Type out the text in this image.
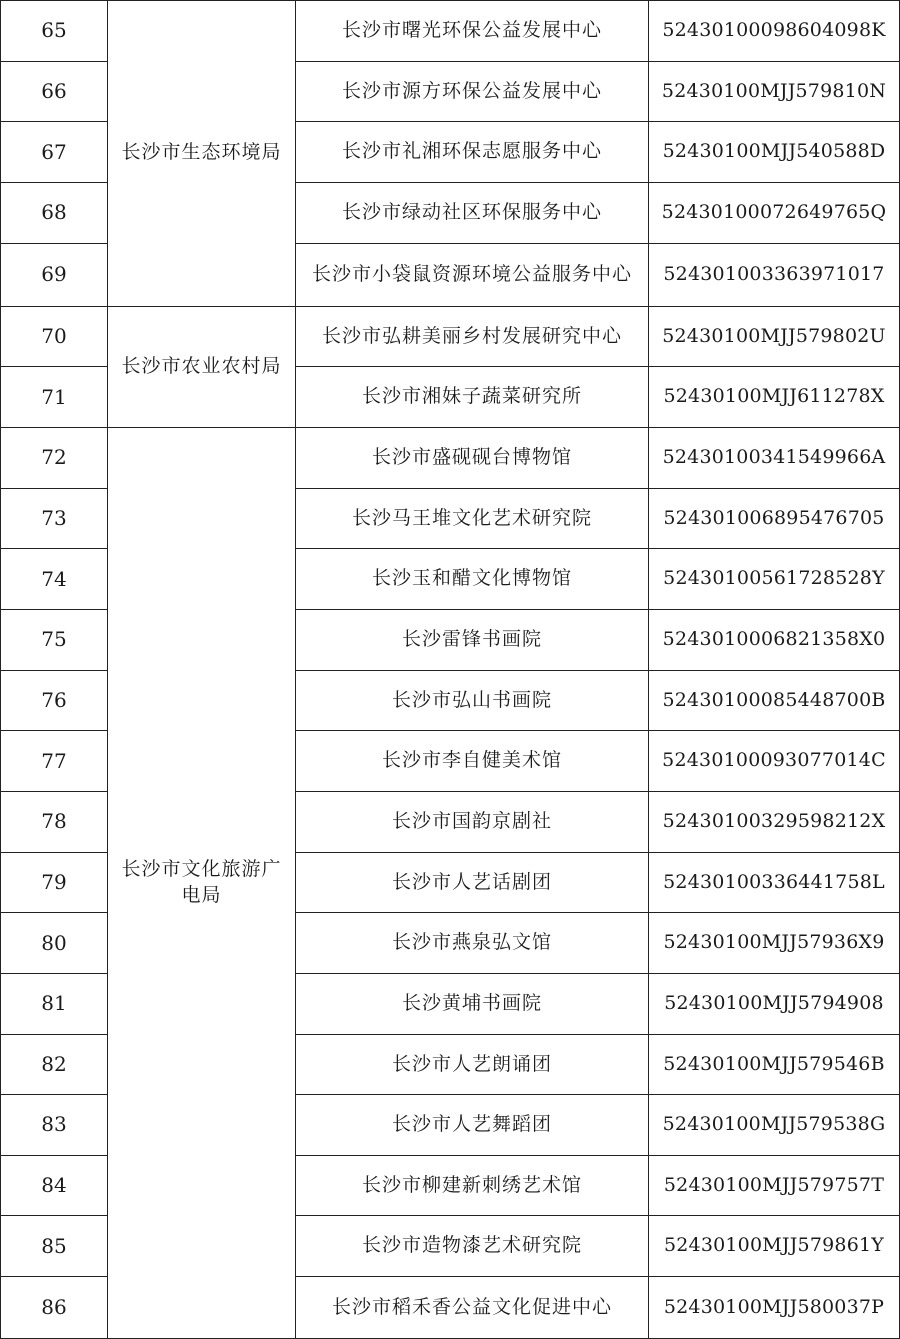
65	长沙市生态环境局	长沙市曙光环保公益发展中心	52430100098604098K
66		长沙市源方环保公益发展中心	52430100MJJ579810N
67		长沙市礼湘环保志愿服务中心	52430100MJJ540588D
68		长沙市绿动社区环保服务中心	52430100072649765Q
69		长沙市小袋鼠资源环境公益服务中心	524301003363971017
70	长沙市农业农村局	长沙市弘耕美丽乡村发展研究中心	52430100MJJ579802U
71		长沙市湘妹子蔬菜研究所	52430100MJJ611278X
72	长沙市文化旅游广电局	长沙市盛砚砚台博物馆	52430100341549966A
73		长沙马王堆文化艺术研究院	524301006895476705
74		长沙玉和醋文化博物馆	52430100561728528Y
75		长沙雷锋书画院	5243010006821358X0
76		长沙市弘山书画院	52430100085448700B
77		长沙市李自健美术馆	52430100093077014C
78		长沙市国韵京剧社	52430100329598212X
79		长沙市人艺话剧团	52430100336441758L
80		长沙市燕泉弘文馆	52430100MJJ57936X9
81		长沙黄埔书画院	52430100MJJ5794908
82		长沙市人艺朗诵团	52430100MJJ579546B
83		长沙市人艺舞蹈团	52430100MJJ579538G
84		长沙市柳建新刺绣艺术馆	52430100MJJ579757T
85		长沙市造物漆艺术研究院	52430100MJJ579861Y
86		长沙市稻禾香公益文化促进中心	52430100MJJ580037P
